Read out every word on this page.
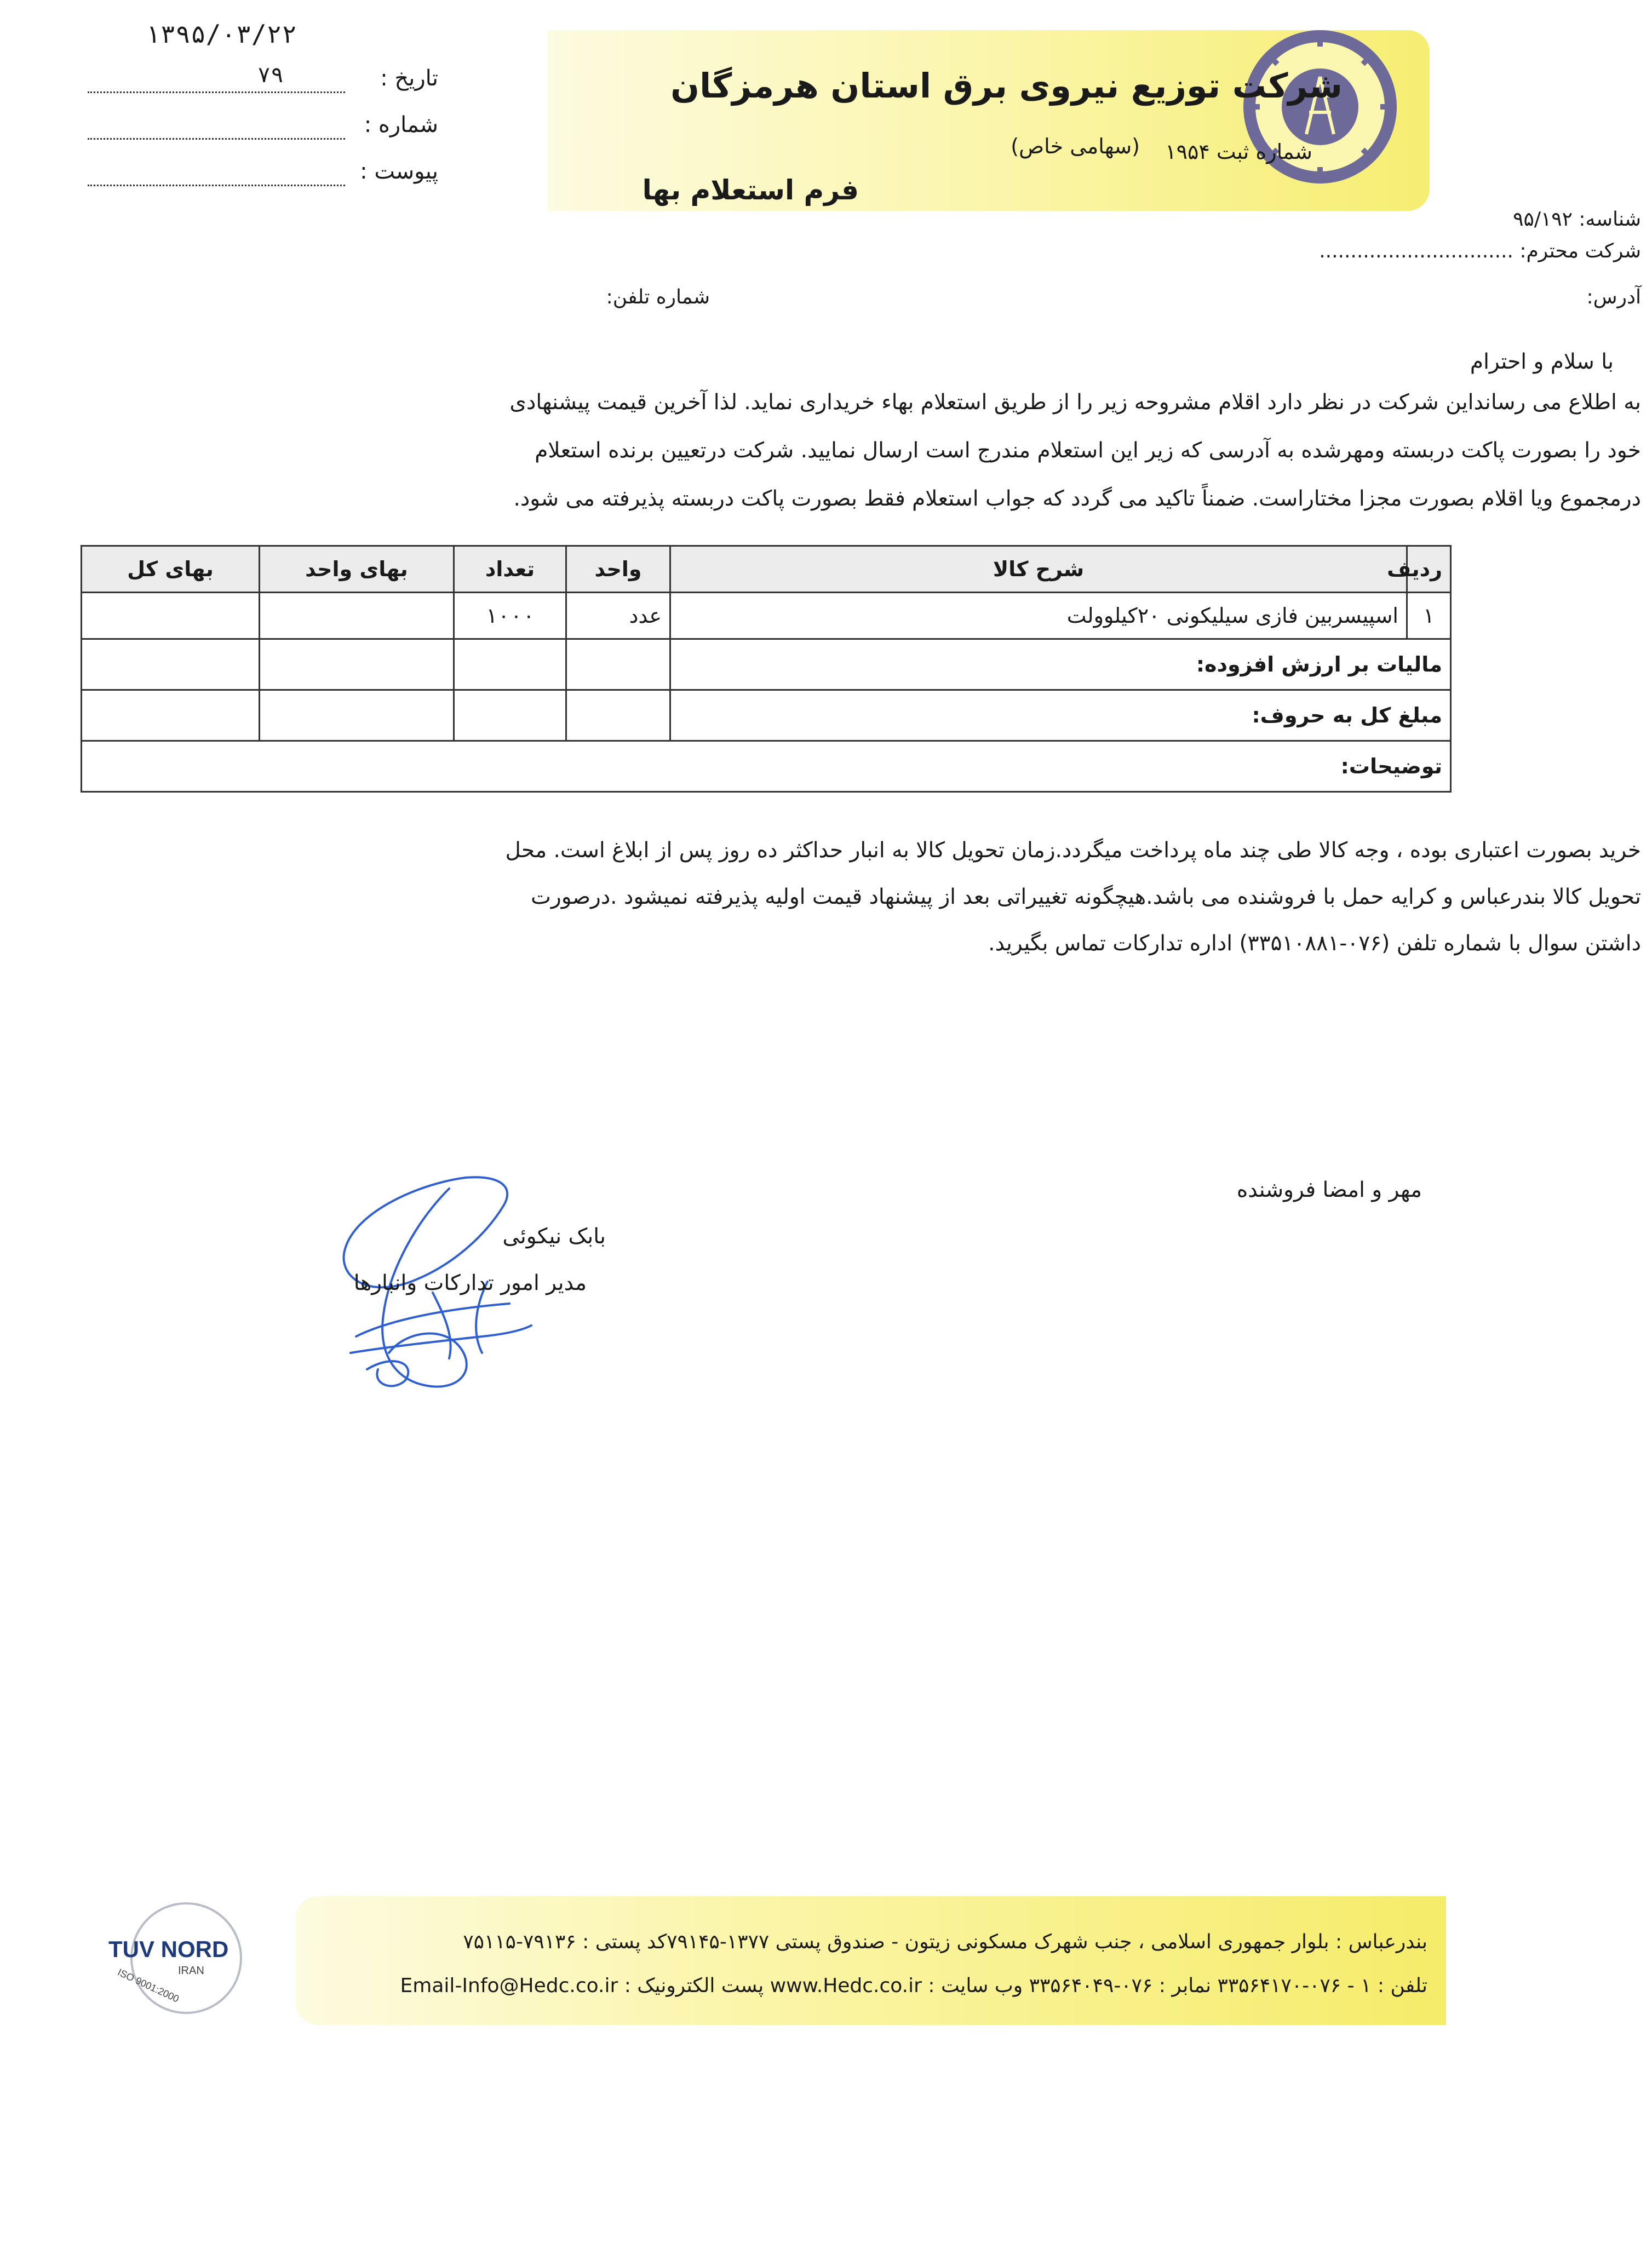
شرکت توزیع نیروی برق استان هرمزگان
شماره ثبت ۱۹۵۴
(سهامی خاص)
فرم استعلام بها
۱۳۹۵/۰۳/۲۲
تاریخ :
۷۹
شماره :
پیوست :
شناسه: ۹۵/۱۹۲
شرکت محترم: ...............................
آدرس:
شماره تلفن:
با سلام و احترام
به اطلاع می رسانداین شرکت در نظر دارد اقلام مشروحه زیر را از طریق استعلام بهاء خریداری نماید. لذا آخرین قیمت پیشنهادی
خود را بصورت پاکت دربسته ومهرشده به آدرسی که زیر این استعلام مندرج است ارسال نمایید. شرکت درتعیین برنده استعلام
درمجموع ویا اقلام بصورت مجزا مختاراست. ضمناً تاکید می گردد که جواب استعلام فقط بصورت پاکت دربسته پذیرفته می شود.
ردیف	شرح کالا	واحد	تعداد	بهای واحد	بهای کل
۱	اسپیسربین فازی سیلیکونی ۲۰کیلوولت	عدد	۱۰۰۰		
مالیات بر ارزش افزوده:					
مبلغ کل به حروف:					
توضیحات:					
خرید بصورت اعتباری بوده ، وجه کالا طی چند ماه پرداخت میگردد.زمان تحویل کالا به انبار حداکثر ده روز پس از ابلاغ است. محل
تحویل کالا بندرعباس و کرایه حمل با فروشنده می باشد.هیچگونه تغییراتی بعد از پیشنهاد قیمت اولیه پذیرفته نمیشود .درصورت
داشتن سوال با شماره تلفن (۰۷۶-۳۳۵۱۰۸۸۱) اداره تدارکات تماس بگیرید.
مهر و امضا فروشنده
بابک نیکوئی
مدیر امور تدارکات وانبارها
بندرعباس : بلوار جمهوری اسلامی ، جنب شهرک مسکونی زیتون - صندوق پستی ۱۳۷۷-۷۹۱۴۵کد پستی : ۷۹۱۳۶-۷۵۱۱۵
تلفن : ۱ - ۰۷۶-۳۳۵۶۴۱۷۰ نمابر : ۰۷۶-۳۳۵۶۴۰۴۹ وب سایت : www.Hedc.co.ir پست الکترونیک : Email-Info@Hedc.co.ir
TUV NORD
IRAN
ISO 9001:2000
